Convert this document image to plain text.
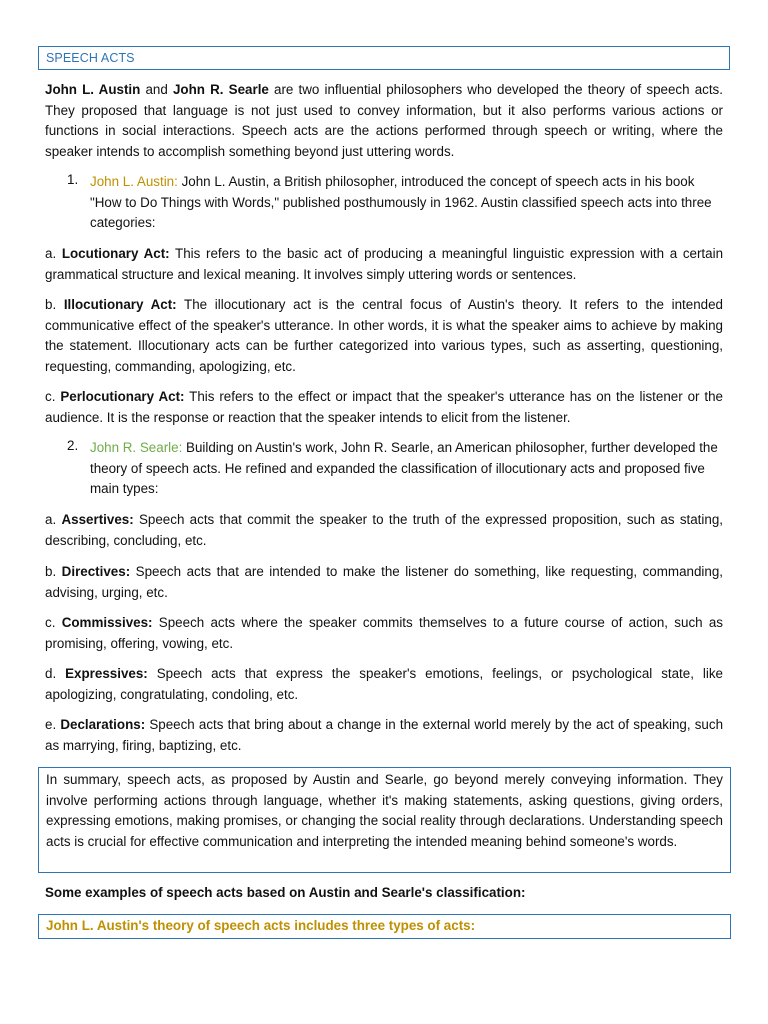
SPEECH ACTS

John L. Austin and John R. Searle are two influential philosophers who developed the theory of speech acts. They proposed that language is not just used to convey information, but it also performs various actions or functions in social interactions. Speech acts are the actions performed through speech or writing, where the speaker intends to accomplish something beyond just uttering words.

1. John L. Austin: John L. Austin, a British philosopher, introduced the concept of speech acts in his book "How to Do Things with Words," published posthumously in 1962. Austin classified speech acts into three categories:

a. Locutionary Act: This refers to the basic act of producing a meaningful linguistic expression with a certain grammatical structure and lexical meaning. It involves simply uttering words or sentences.

b. Illocutionary Act: The illocutionary act is the central focus of Austin's theory. It refers to the intended communicative effect of the speaker's utterance. In other words, it is what the speaker aims to achieve by making the statement. Illocutionary acts can be further categorized into various types, such as asserting, questioning, requesting, commanding, apologizing, etc.

c. Perlocutionary Act: This refers to the effect or impact that the speaker's utterance has on the listener or the audience. It is the response or reaction that the speaker intends to elicit from the listener.

2. John R. Searle: Building on Austin's work, John R. Searle, an American philosopher, further developed the theory of speech acts. He refined and expanded the classification of illocutionary acts and proposed five main types:

a. Assertives: Speech acts that commit the speaker to the truth of the expressed proposition, such as stating, describing, concluding, etc.

b. Directives: Speech acts that are intended to make the listener do something, like requesting, commanding, advising, urging, etc.

c. Commissives: Speech acts where the speaker commits themselves to a future course of action, such as promising, offering, vowing, etc.

d. Expressives: Speech acts that express the speaker's emotions, feelings, or psychological state, like apologizing, congratulating, condoling, etc.

e. Declarations: Speech acts that bring about a change in the external world merely by the act of speaking, such as marrying, firing, baptizing, etc.

In summary, speech acts, as proposed by Austin and Searle, go beyond merely conveying information. They involve performing actions through language, whether it's making statements, asking questions, giving orders, expressing emotions, making promises, or changing the social reality through declarations. Understanding speech acts is crucial for effective communication and interpreting the intended meaning behind someone's words.

Some examples of speech acts based on Austin and Searle's classification:

John L. Austin's theory of speech acts includes three types of acts:
